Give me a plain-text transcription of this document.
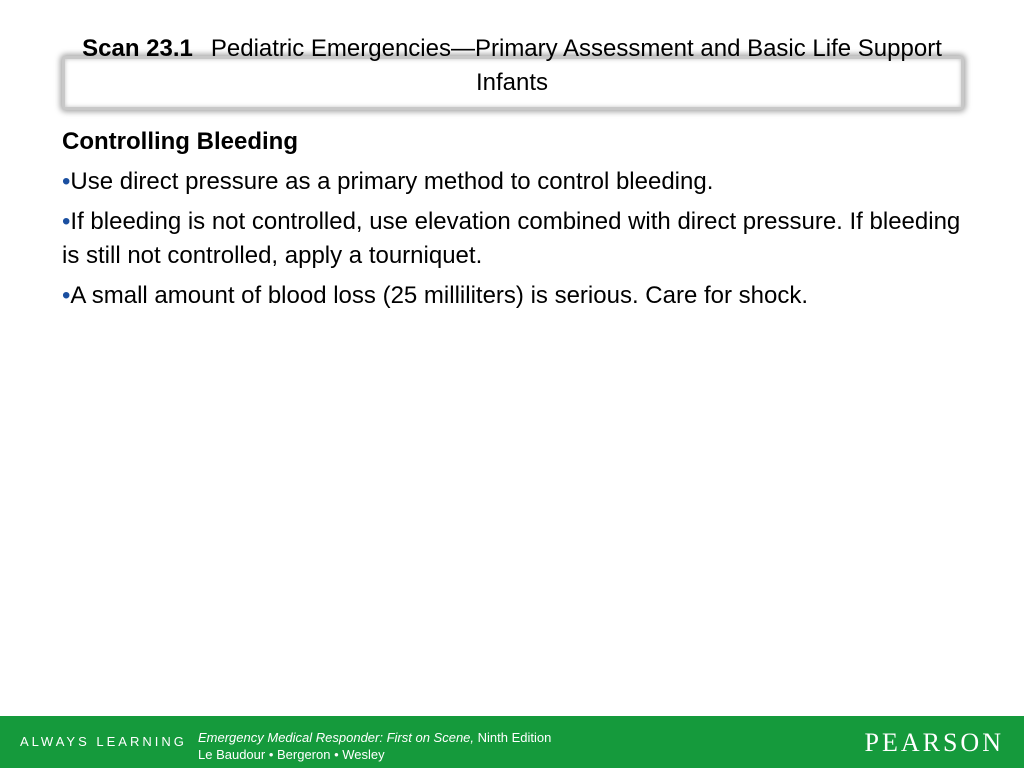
Scan 23.1 Pediatric Emergencies—Primary Assessment and Basic Life Support
Infants
Controlling Bleeding
•Use direct pressure as a primary method to control bleeding.
•If bleeding is not controlled, use elevation combined with direct pressure. If bleeding is still not controlled, apply a tourniquet.
•A small amount of blood loss (25 milliliters) is serious. Care for shock.
ALWAYS LEARNING Emergency Medical Responder: First on Scene, Ninth Edition
Le Baudour • Bergeron • Wesley	PEARSON
